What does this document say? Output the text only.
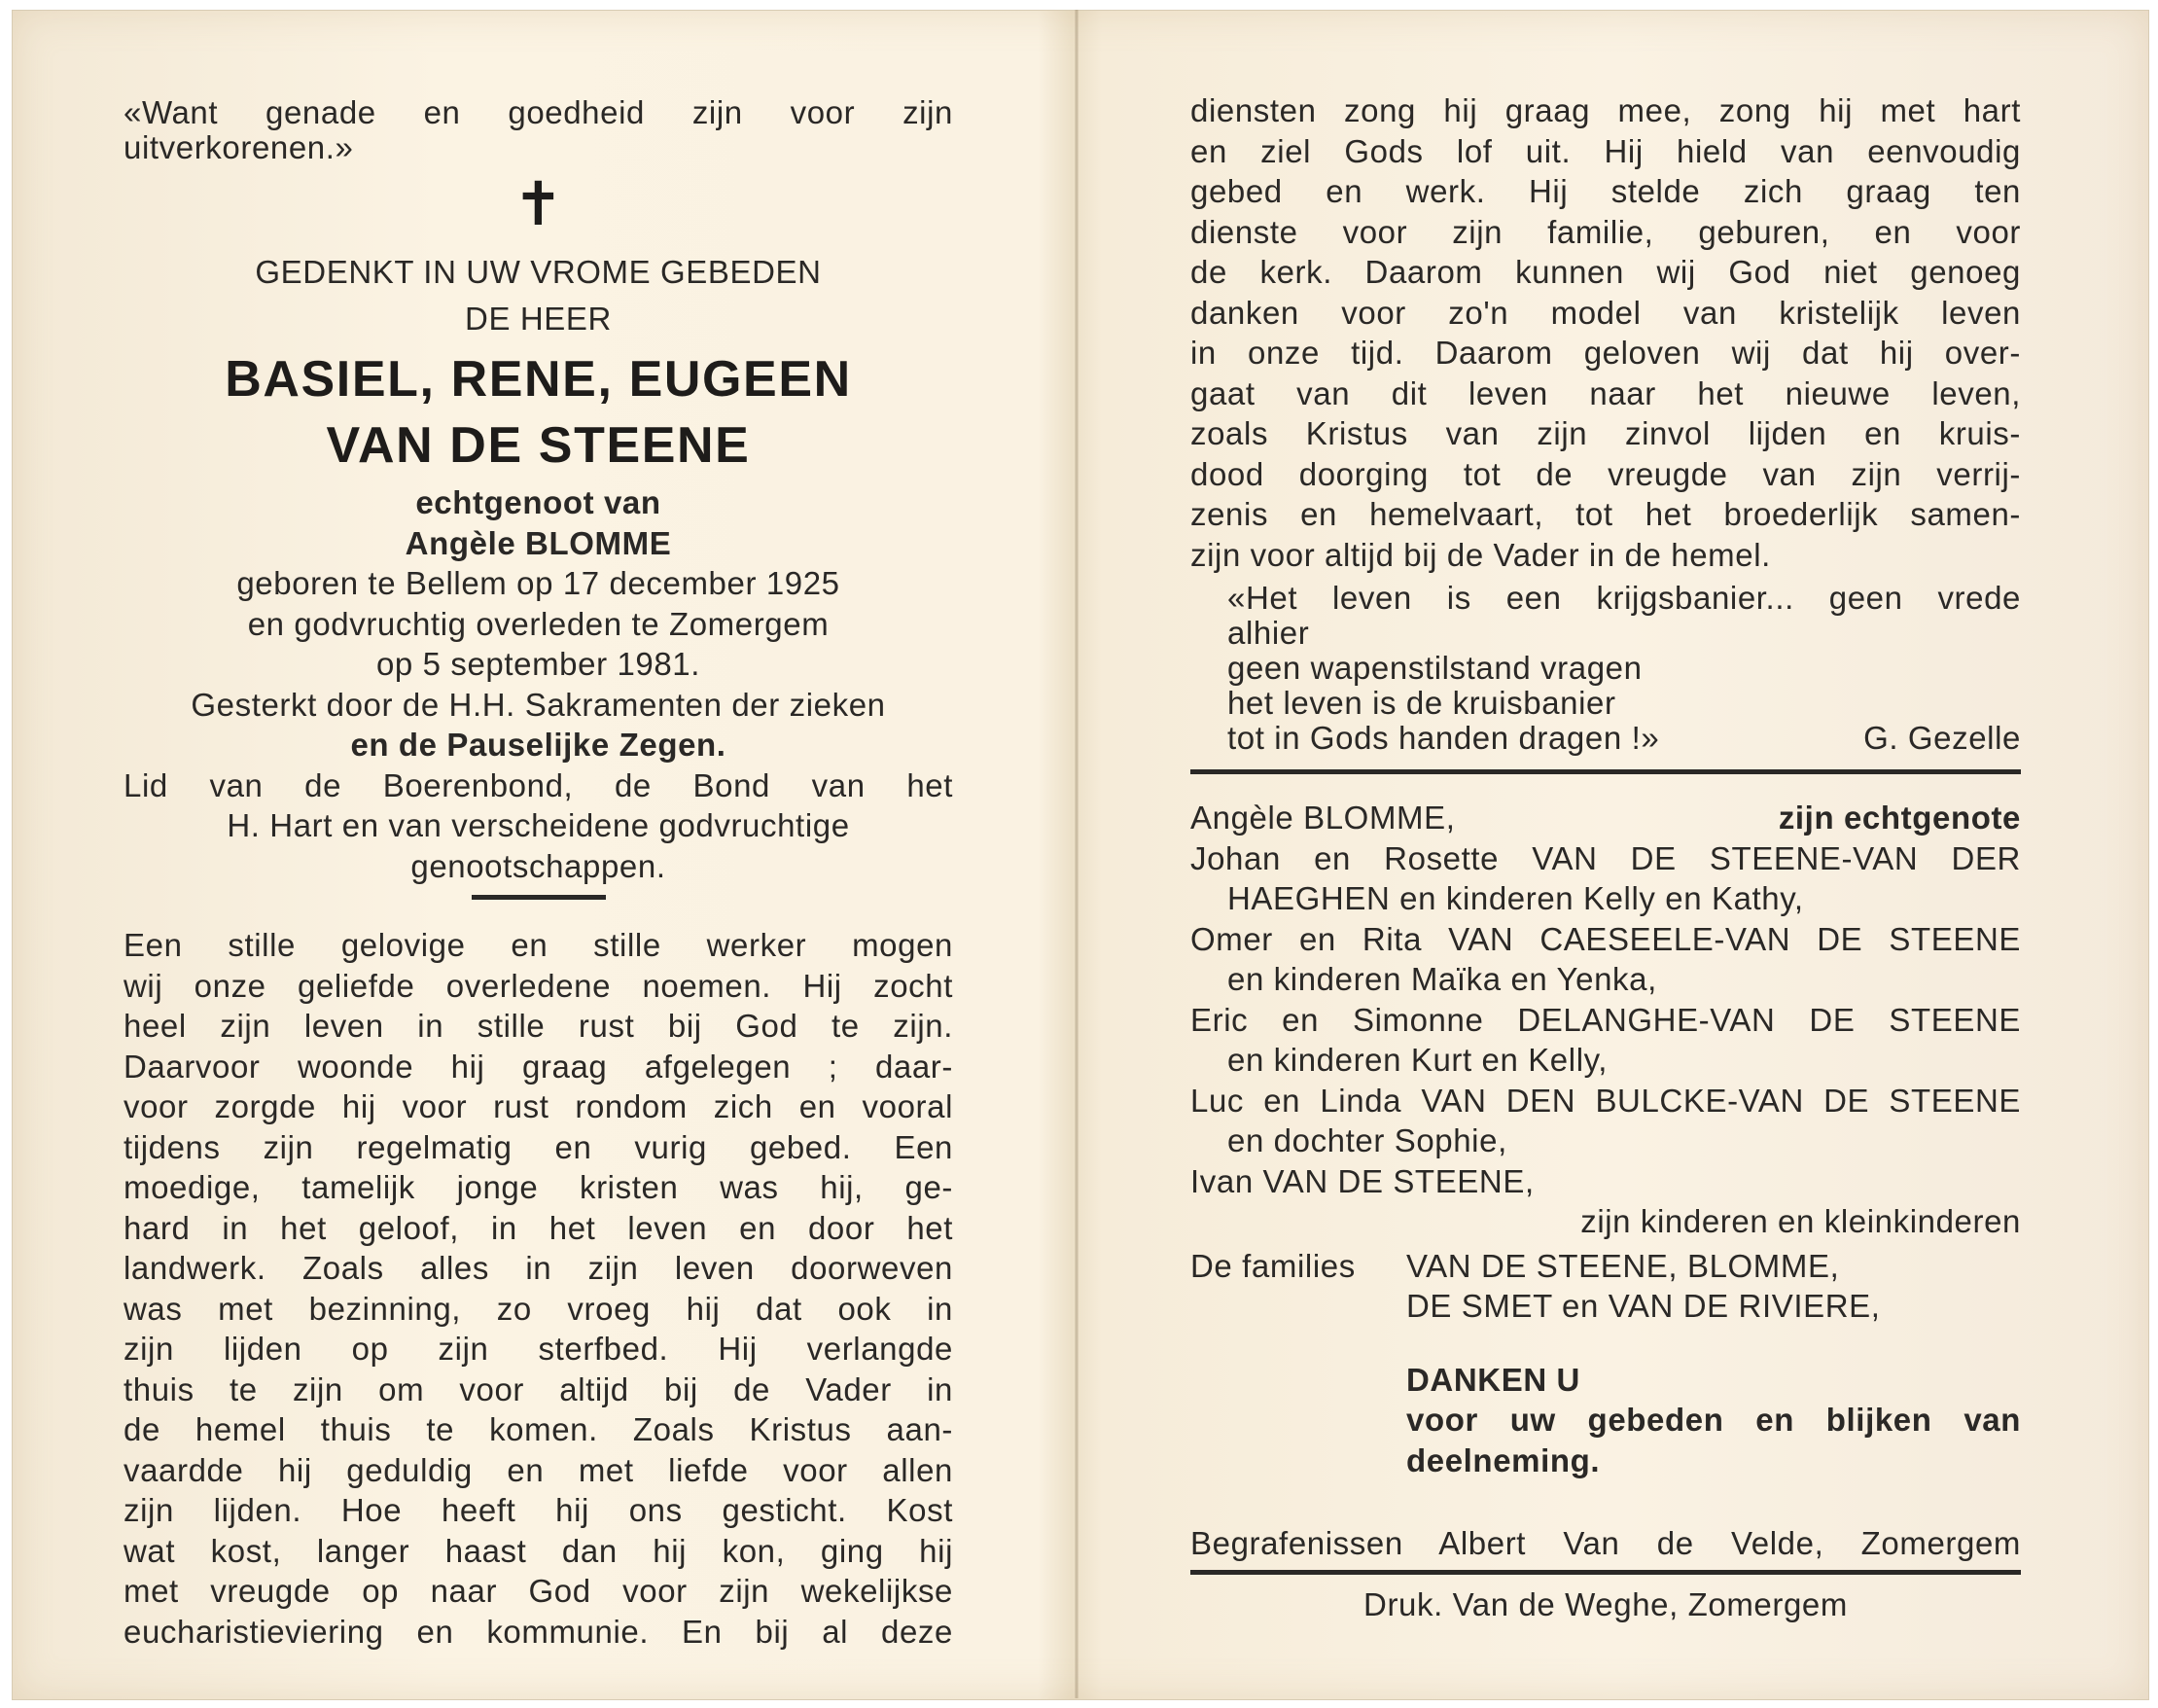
«Want genade en goedheid zijn voor zijn
uitverkorenen.»
✝
GEDENKT IN UW VROME GEBEDEN
DE HEER
BASIEL, RENE, EUGEEN
VAN DE STEENE
echtgenoot van
Angèle BLOMME
geboren te Bellem op 17 december 1925
en godvruchtig overleden te Zomergem
op 5 september 1981.
Gesterkt door de H.H. Sakramenten der zieken
en de Pauselijke Zegen.
Lid van de Boerenbond, de Bond van het
H. Hart en van verscheidene godvruchtige
genootschappen.
Een stille gelovige en stille werker mogen
wij onze geliefde overledene noemen. Hij zocht
heel zijn leven in stille rust bij God te zijn.
Daarvoor woonde hij graag afgelegen ; daar-
voor zorgde hij voor rust rondom zich en vooral
tijdens zijn regelmatig en vurig gebed. Een
moedige, tamelijk jonge kristen was hij, ge-
hard in het geloof, in het leven en door het
landwerk. Zoals alles in zijn leven doorweven
was met bezinning, zo vroeg hij dat ook in
zijn lijden op zijn sterfbed. Hij verlangde
thuis te zijn om voor altijd bij de Vader in
de hemel thuis te komen. Zoals Kristus aan-
vaardde hij geduldig en met liefde voor allen
zijn lijden. Hoe heeft hij ons gesticht. Kost
wat kost, langer haast dan hij kon, ging hij
met vreugde op naar God voor zijn wekelijkse
eucharistieviering en kommunie. En bij al deze
diensten zong hij graag mee, zong hij met hart
en ziel Gods lof uit. Hij hield van eenvoudig
gebed en werk. Hij stelde zich graag ten
dienste voor zijn familie, geburen, en voor
de kerk. Daarom kunnen wij God niet genoeg
danken voor zo'n model van kristelijk leven
in onze tijd. Daarom geloven wij dat hij over-
gaat van dit leven naar het nieuwe leven,
zoals Kristus van zijn zinvol lijden en kruis-
dood doorging tot de vreugde van zijn verrij-
zenis en hemelvaart, tot het broederlijk samen-
zijn voor altijd bij de Vader in de hemel.
«Het leven is een krijgsbanier... geen vrede
alhier
geen wapenstilstand vragen
het leven is de kruisbanier
tot in Gods handen dragen !»	G. Gezelle
Angèle BLOMME,	zijn echtgenote
Johan en Rosette VAN DE STEENE-VAN DER
HAEGHEN en kinderen Kelly en Kathy,
Omer en Rita VAN CAESEELE-VAN DE STEENE
en kinderen Maïka en Yenka,
Eric en Simonne DELANGHE-VAN DE STEENE
en kinderen Kurt en Kelly,
Luc en Linda VAN DEN BULCKE-VAN DE STEENE
en dochter Sophie,
Ivan VAN DE STEENE,
zijn kinderen en kleinkinderen
De families	VAN DE STEENE, BLOMME,
DE SMET en VAN DE RIVIERE,
DANKEN U
voor uw gebeden en blijken van
deelneming.
Begrafenissen Albert Van de Velde, Zomergem
Druk. Van de Weghe, Zomergem
